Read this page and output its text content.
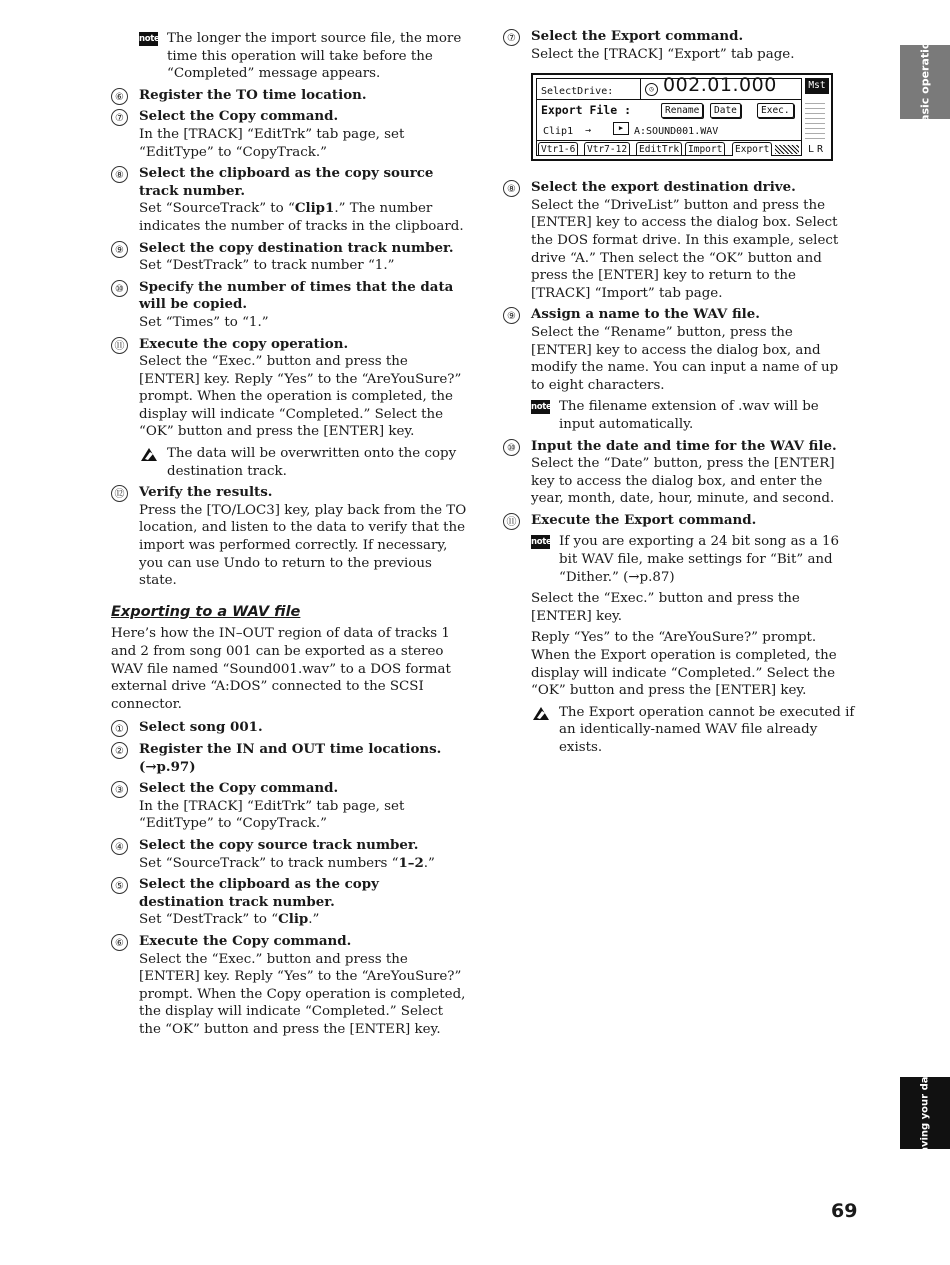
note The longer the import source file, the more time this operation will take before the “Completed” message appears.
⑥ Register the TO time location.
⑦ Select the Copy command.
In the [TRACK] “EditTrk” tab page, set “EditType” to “CopyTrack.”
⑧ Select the clipboard as the copy source track number.
Set “SourceTrack” to “Clip1.” The number indicates the number of tracks in the clipboard.
⑨ Select the copy destination track number.
Set “DestTrack” to track number “1.”
⑩ Specify the number of times that the data will be copied.
Set “Times” to “1.”
⑪ Execute the copy operation.
Select the “Exec.” button and press the [ENTER] key. Reply “Yes” to the “AreYouSure?” prompt. When the operation is completed, the display will indicate “Completed.” Select the “OK” button and press the [ENTER] key.
The data will be overwritten onto the copy destination track.
⑫ Verify the results.
Press the [TO/LOC3] key, play back from the TO location, and listen to the data to verify that the import was performed correctly. If necessary, you can use Undo to return to the previous state.
Exporting to a WAV file
Here’s how the IN–OUT region of data of tracks 1 and 2 from song 001 can be exported as a stereo WAV file named “Sound001.wav” to a DOS format external drive “A:DOS” connected to the SCSI connector.
① Select song 001.
② Register the IN and OUT time locations. (→p.97)
③ Select the Copy command.
In the [TRACK] “EditTrk” tab page, set “EditType” to “CopyTrack.”
④ Select the copy source track number.
Set “SourceTrack” to track numbers “1–2.”
⑤ Select the clipboard as the copy destination track number.
Set “DestTrack” to “Clip.”
⑥ Execute the Copy command.
Select the “Exec.” button and press the [ENTER] key. Reply “Yes” to the “AreYouSure?” prompt. When the Copy operation is completed, the display will indicate “Completed.” Select the “OK” button and press the [ENTER] key.
⑦ Select the Export command.
Select the [TRACK] “Export” tab page.
SelectDrive:	◷ 002.01.000
Export File :	Rename	Date	Exec.
Clip1 →	▶	A:SOUND001.WAV
Vtr1-6	Vtr7-12	EditTrk Import	Export
Mst
LR
⑧ Select the export destination drive.
Select the “DriveList” button and press the [ENTER] key to access the dialog box. Select the DOS format drive. In this example, select drive “A.” Then select the “OK” button and press the [ENTER] key to return to the [TRACK] “Import” tab page.
⑨ Assign a name to the WAV file.
Select the “Rename” button, press the [ENTER] key to access the dialog box, and modify the name. You can input a name of up to eight characters.
note The filename extension of .wav will be input automatically.
⑩ Input the date and time for the WAV file.
Select the “Date” button, press the [ENTER] key to access the dialog box, and enter the year, month, date, hour, minute, and second.
⑪ Execute the Export command.
note If you are exporting a 24 bit song as a 16 bit WAV file, make settings for “Bit” and “Dither.” (→p.87)
Select the “Exec.” button and press the [ENTER] key.
Reply “Yes” to the “AreYouSure?” prompt. When the Export operation is completed, the display will indicate “Completed.” Select the “OK” button and press the [ENTER] key.
The Export operation cannot be executed if an identically-named WAV file already exists.
Basic operation
Saving your data
69
